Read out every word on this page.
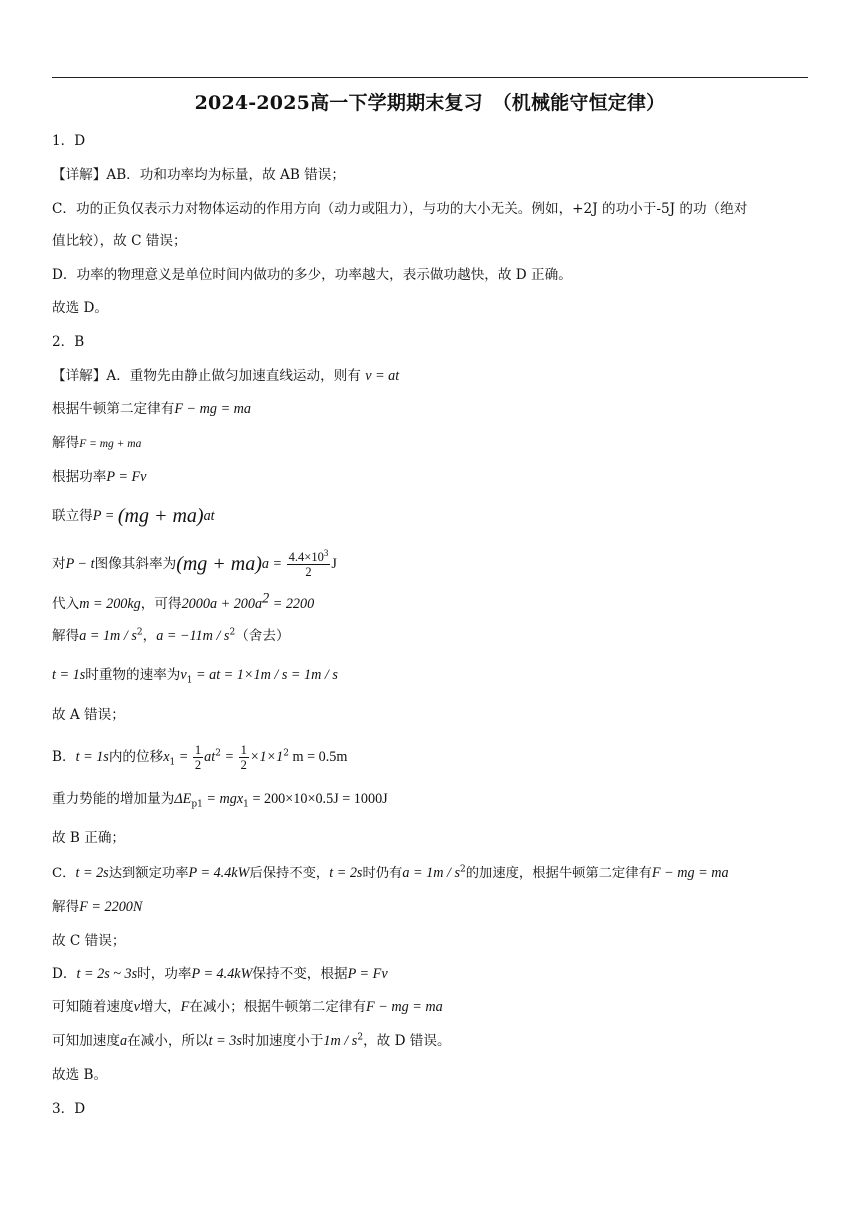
2024-2025高一下学期期末复习　（机械能守恒定律）
1．D
【详解】AB．功和功率均为标量，故 AB 错误；
C．功的正负仅表示力对物体运动的作用方向（动力或阻力），与功的大小无关。例如，+2J 的功小于-5J 的功（绝对
值比较），故 C 错误；
D．功率的物理意义是单位时间内做功的多少，功率越大，表示做功越快，故 D 正确。
故选 D。
2．B
【详解】A．重物先由静止做匀加速直线运动，则有 v = at
根据牛顿第二定律有F − mg = ma
解得F = mg + ma
根据功率P = Fv
联立得P = (mg + ma)at
对P − t图像其斜率为$(mg + ma)a = \frac{4.4\times 10^3}{2}$ J
代入m = 200kg，可得$2000a + 200a^2 = 2200$
解得$a = 1m / s^2$，$a = -11m / s^2$（舍去）
t = 1s时重物的速率为$v_1$ = at = 1×1m / s = 1m / s
故 A 错误；
B．t = 1s内的位移$x_1 = \frac{1}{2} at^2 = \frac{1}{2} \times 1\times 1^2$ m = 0.5m
重力势能的增加量为$\Delta E_{p1} = mgx_1 = 200\times 10\times 0.5J = 1000J$
故 B 正确；
C．t = 2s达到额定功率P = 4.4kW后保持不变，t = 2s时仍有$a = 1m / s^2$的加速度，根据牛顿第二定律有F − mg = ma
解得F = 2200N
故 C 错误；
D．t = 2s ~ 3s时，功率P = 4.4kW保持不变，根据P = Fv
可知随着速度v增大，F在减小；根据牛顿第二定律有F − mg = ma
可知加速度a在减小，所以t = 3s时加速度小于$1m / s^2$，故 D 错误。
故选 B。
3．D
